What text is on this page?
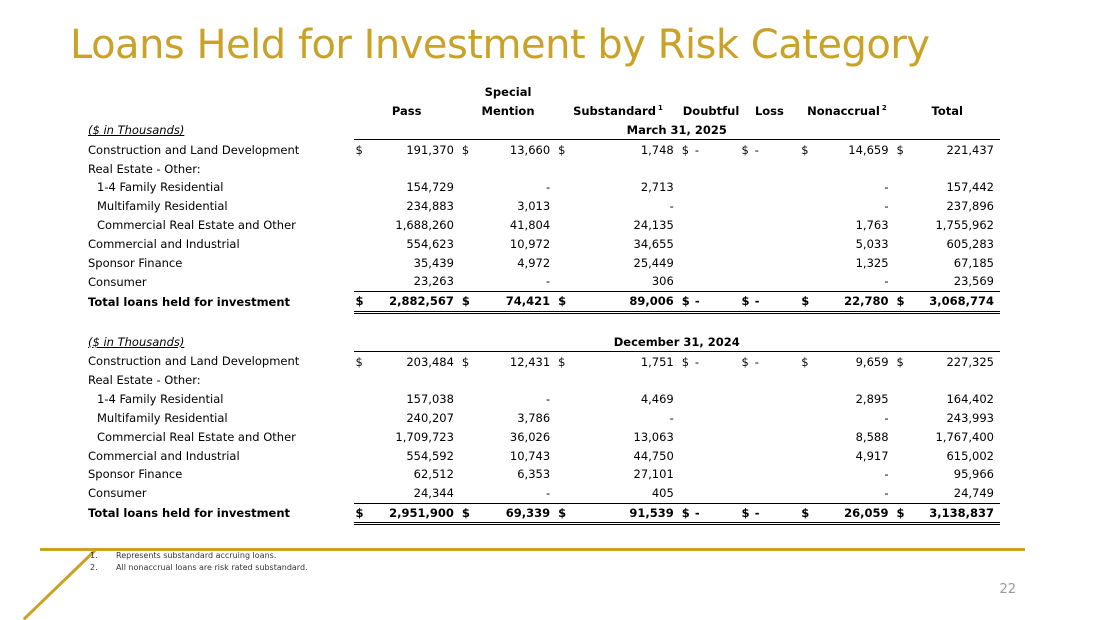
Loans Held for Investment by Risk Category
			Special											
	Pass		Mention		Substandard $^1$		Doubtful		Loss		Nonaccrual $^2$		Total	
($ in Thousands)	March 31, 2025													
Construction and Land Development	$	191,370	$	13,660	$	1,748	$	-	$	-	$	14,659	$	221,437
Real Estate - Other:														
1-4 Family Residential		154,729		-		2,713						-		157,442
Multifamily Residential		234,883		3,013		-						-		237,896
Commercial Real Estate and Other		1,688,260		41,804		24,135						1,763		1,755,962
Commercial and Industrial		554,623		10,972		34,655						5,033		605,283
Sponsor Finance		35,439		4,972		25,449						1,325		67,185
Consumer		23,263		-		306						-		23,569
Total loans held for investment	$	2,882,567	$	74,421	$	89,006	$	-	$	-	$	22,780	$	3,068,774

($ in Thousands)	December 31, 2024													
Construction and Land Development	$	203,484	$	12,431	$	1,751	$	-	$	-	$	9,659	$	227,325
Real Estate - Other:														
1-4 Family Residential		157,038		-		4,469						2,895		164,402
Multifamily Residential		240,207		3,786		-						-		243,993
Commercial Real Estate and Other		1,709,723		36,026		13,063						8,588		1,767,400
Commercial and Industrial		554,592		10,743		44,750						4,917		615,002
Sponsor Finance		62,512		6,353		27,101						-		95,966
Consumer		24,344		-		405						-		24,749
Total loans held for investment	$	2,951,900	$	69,339	$	91,539	$	-	$	-	$	26,059	$	3,138,837
1. Represents substandard accruing loans.
2. All nonaccrual loans are risk rated substandard.
22
